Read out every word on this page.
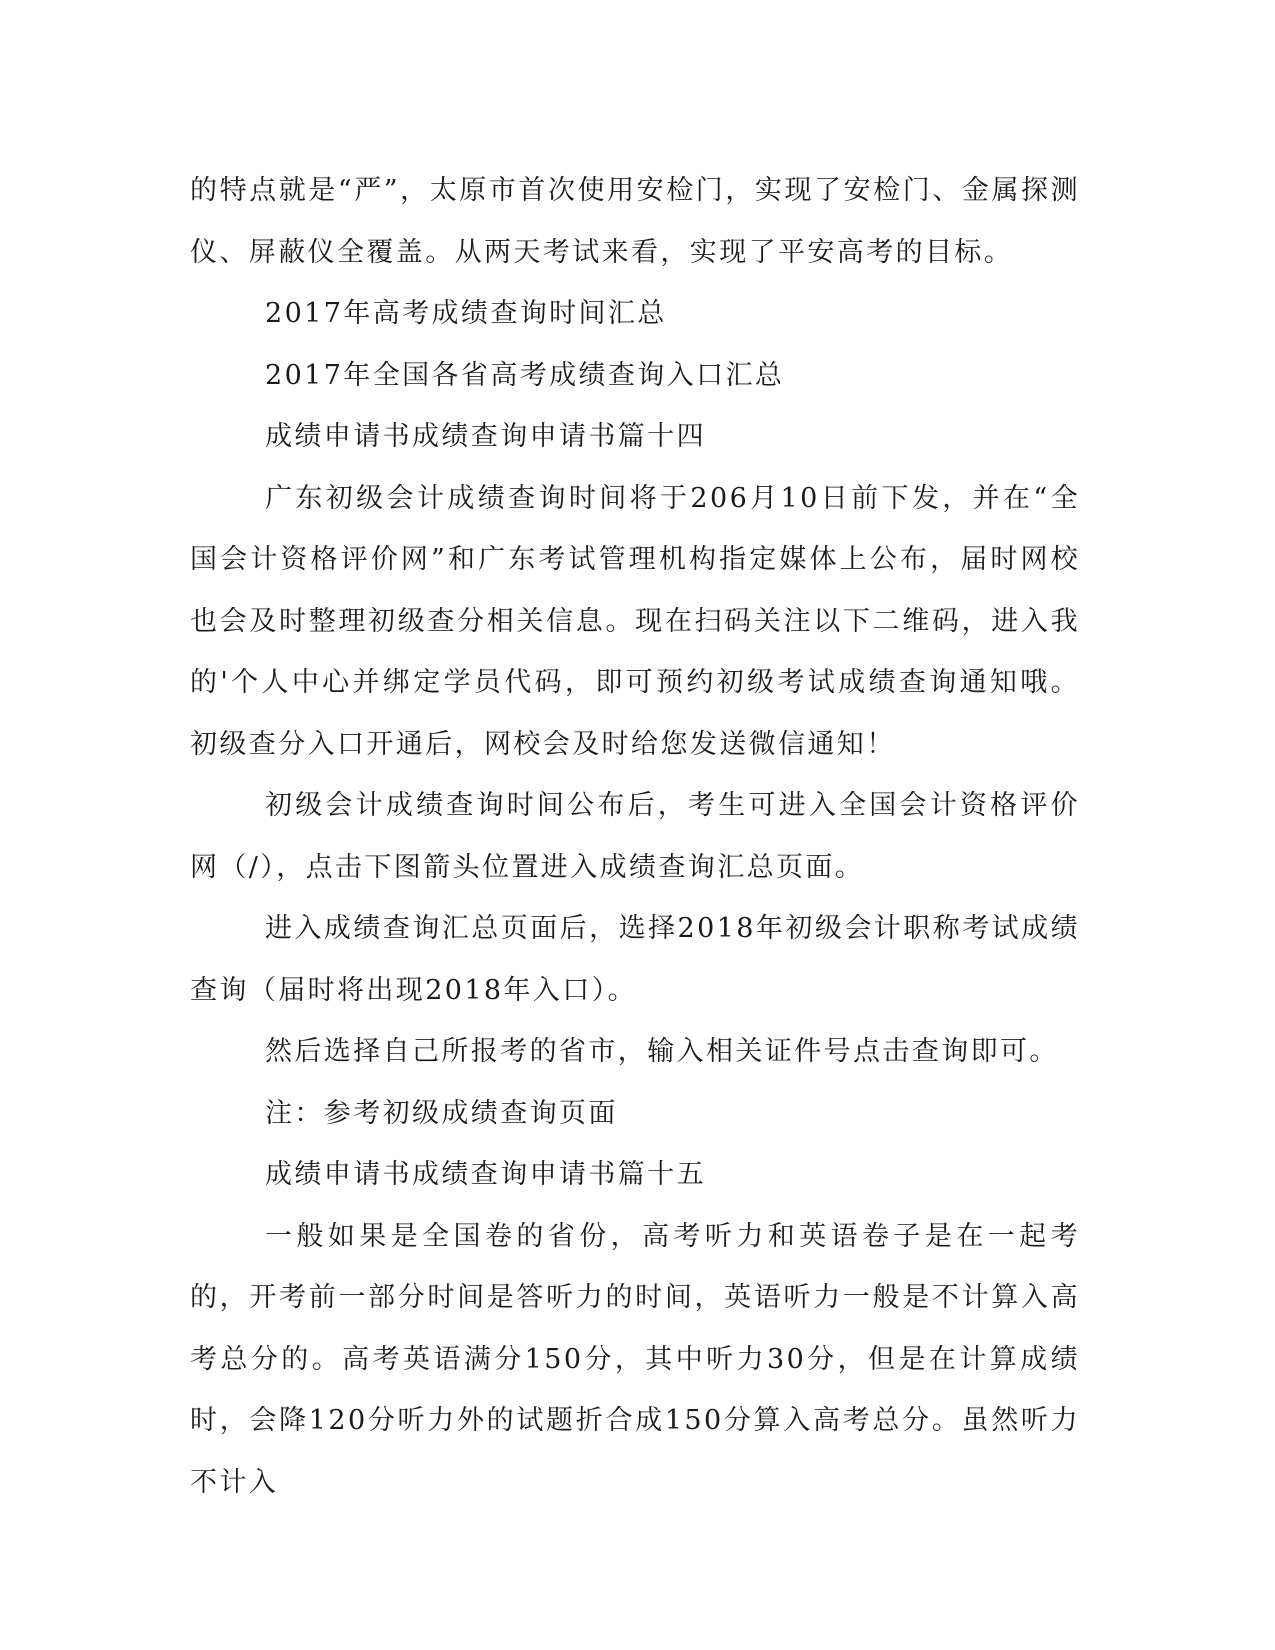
的特点就是“严”，太原市首次使用安检门，实现了安检门、金属探测仪、屏蔽仪全覆盖。从两天考试来看，实现了平安高考的目标。

2017年高考成绩查询时间汇总

2017年全国各省高考成绩查询入口汇总

成绩申请书成绩查询申请书篇十四

广东初级会计成绩查询时间将于206月10日前下发，并在“全国会计资格评价网”和广东考试管理机构指定媒体上公布，届时网校也会及时整理初级查分相关信息。现在扫码关注以下二维码，进入我的'个人中心并绑定学员代码，即可预约初级考试成绩查询通知哦。初级查分入口开通后，网校会及时给您发送微信通知！

初级会计成绩查询时间公布后，考生可进入全国会计资格评价网（/），点击下图箭头位置进入成绩查询汇总页面。

进入成绩查询汇总页面后，选择2018年初级会计职称考试成绩查询（届时将出现2018年入口）。

然后选择自己所报考的省市，输入相关证件号点击查询即可。

注：参考初级成绩查询页面

成绩申请书成绩查询申请书篇十五

一般如果是全国卷的省份，高考听力和英语卷子是在一起考的，开考前一部分时间是答听力的时间，英语听力一般是不计算入高考总分的。高考英语满分150分，其中听力30分，但是在计算成绩时，会降120分听力外的试题折合成150分算入高考总分。虽然听力不计入
